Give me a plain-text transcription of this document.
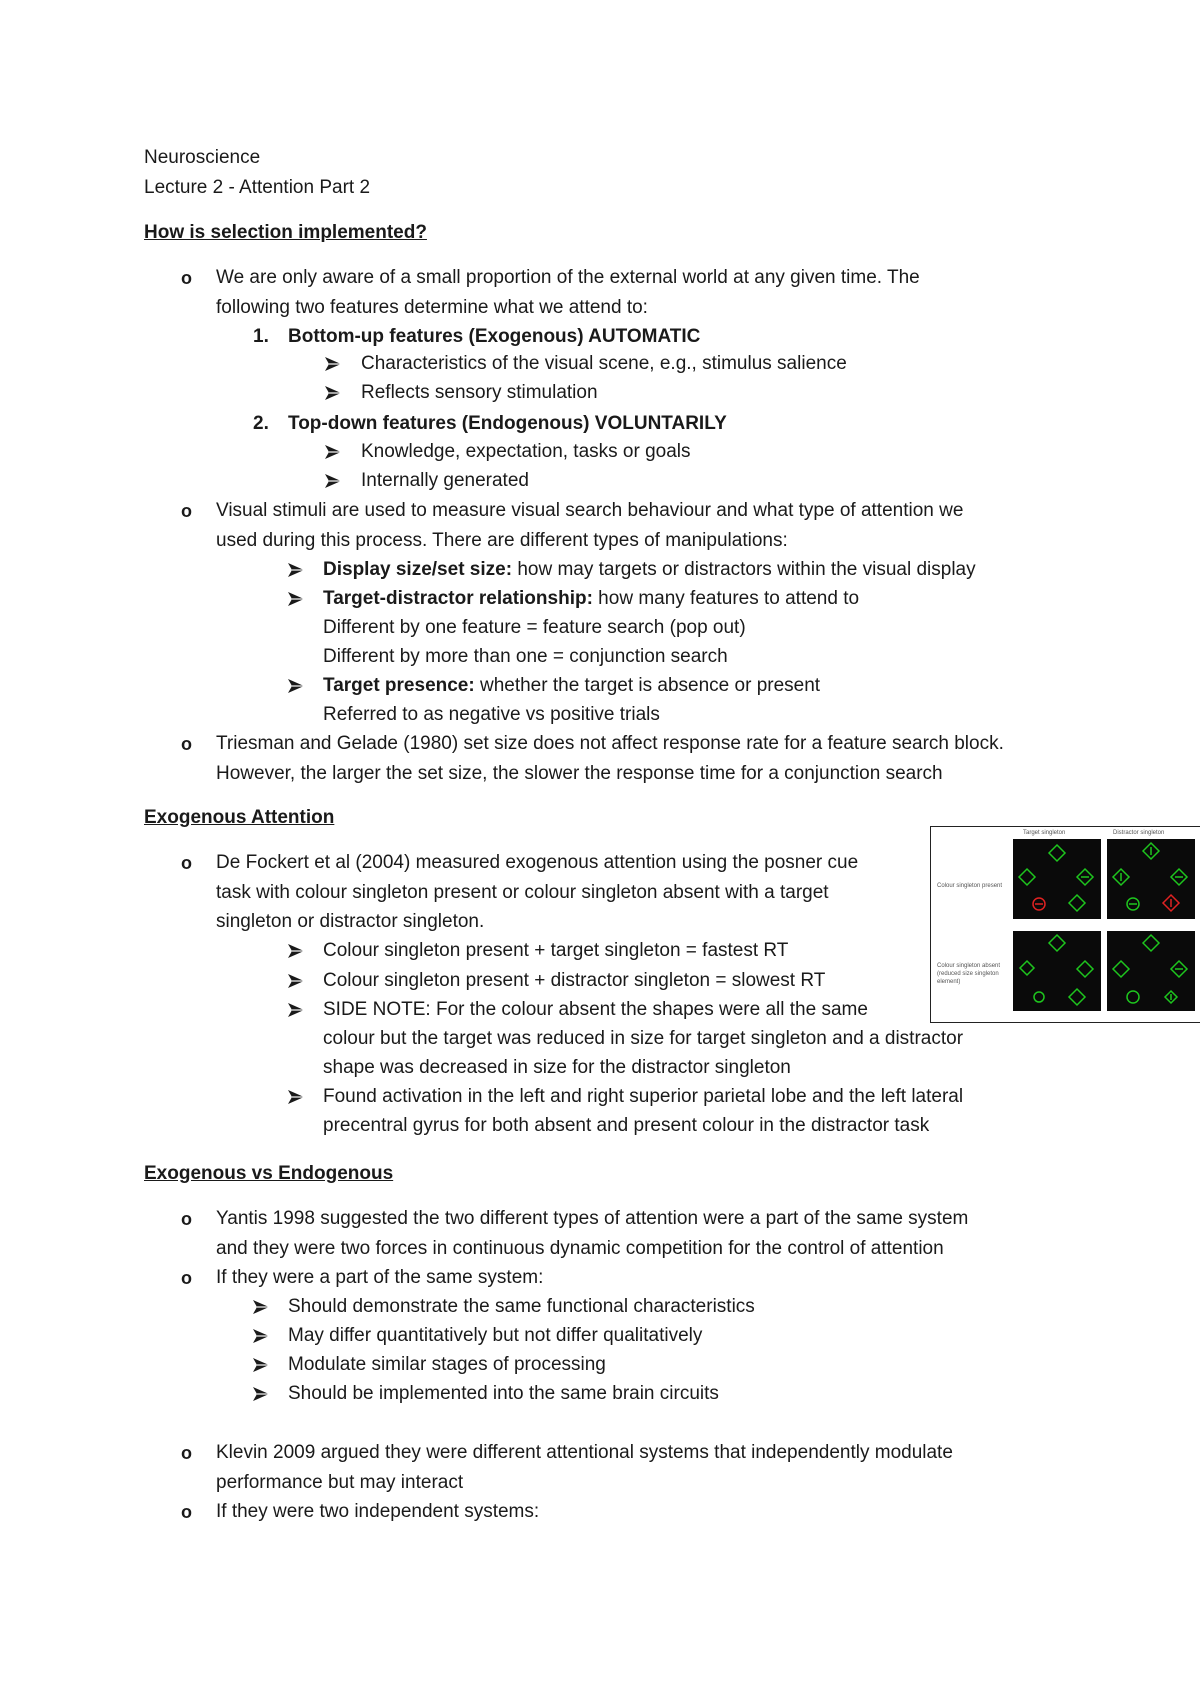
Neuroscience
Lecture 2 - Attention Part 2
How is selection implemented?
o We are only aware of a small proportion of the external world at any given time. The
following two features determine what we attend to:
1. Bottom-up features (Exogenous) AUTOMATIC
Characteristics of the visual scene, e.g., stimulus salience
Reflects sensory stimulation
2. Top-down features (Endogenous) VOLUNTARILY
Knowledge, expectation, tasks or goals
Internally generated
o Visual stimuli are used to measure visual search behaviour and what type of attention we
used during this process. There are different types of manipulations:
Display size/set size: how may targets or distractors within the visual display
Target-distractor relationship: how many features to attend to
Different by one feature = feature search (pop out)
Different by more than one = conjunction search
Target presence: whether the target is absence or present
Referred to as negative vs positive trials
o Triesman and Gelade (1980) set size does not affect response rate for a feature search block.
However, the larger the set size, the slower the response time for a conjunction search
Exogenous Attention
o De Fockert et al (2004) measured exogenous attention using the posner cue
task with colour singleton present or colour singleton absent with a target
singleton or distractor singleton.
Colour singleton present + target singleton = fastest RT
Colour singleton present + distractor singleton = slowest RT
SIDE NOTE: For the colour absent the shapes were all the same
colour but the target was reduced in size for target singleton and a distractor
shape was decreased in size for the distractor singleton
Found activation in the left and right superior parietal lobe and the left lateral
precentral gyrus for both absent and present colour in the distractor task
Target singleton	Distractor singleton
Colour singleton present
Colour singleton absent
(reduced size singleton
element)
Exogenous vs Endogenous
o Yantis 1998 suggested the two different types of attention were a part of the same system
and they were two forces in continuous dynamic competition for the control of attention
o If they were a part of the same system:
Should demonstrate the same functional characteristics
May differ quantitatively but not differ qualitatively
Modulate similar stages of processing
Should be implemented into the same brain circuits
o Klevin 2009 argued they were different attentional systems that independently modulate
performance but may interact
o If they were two independent systems:
